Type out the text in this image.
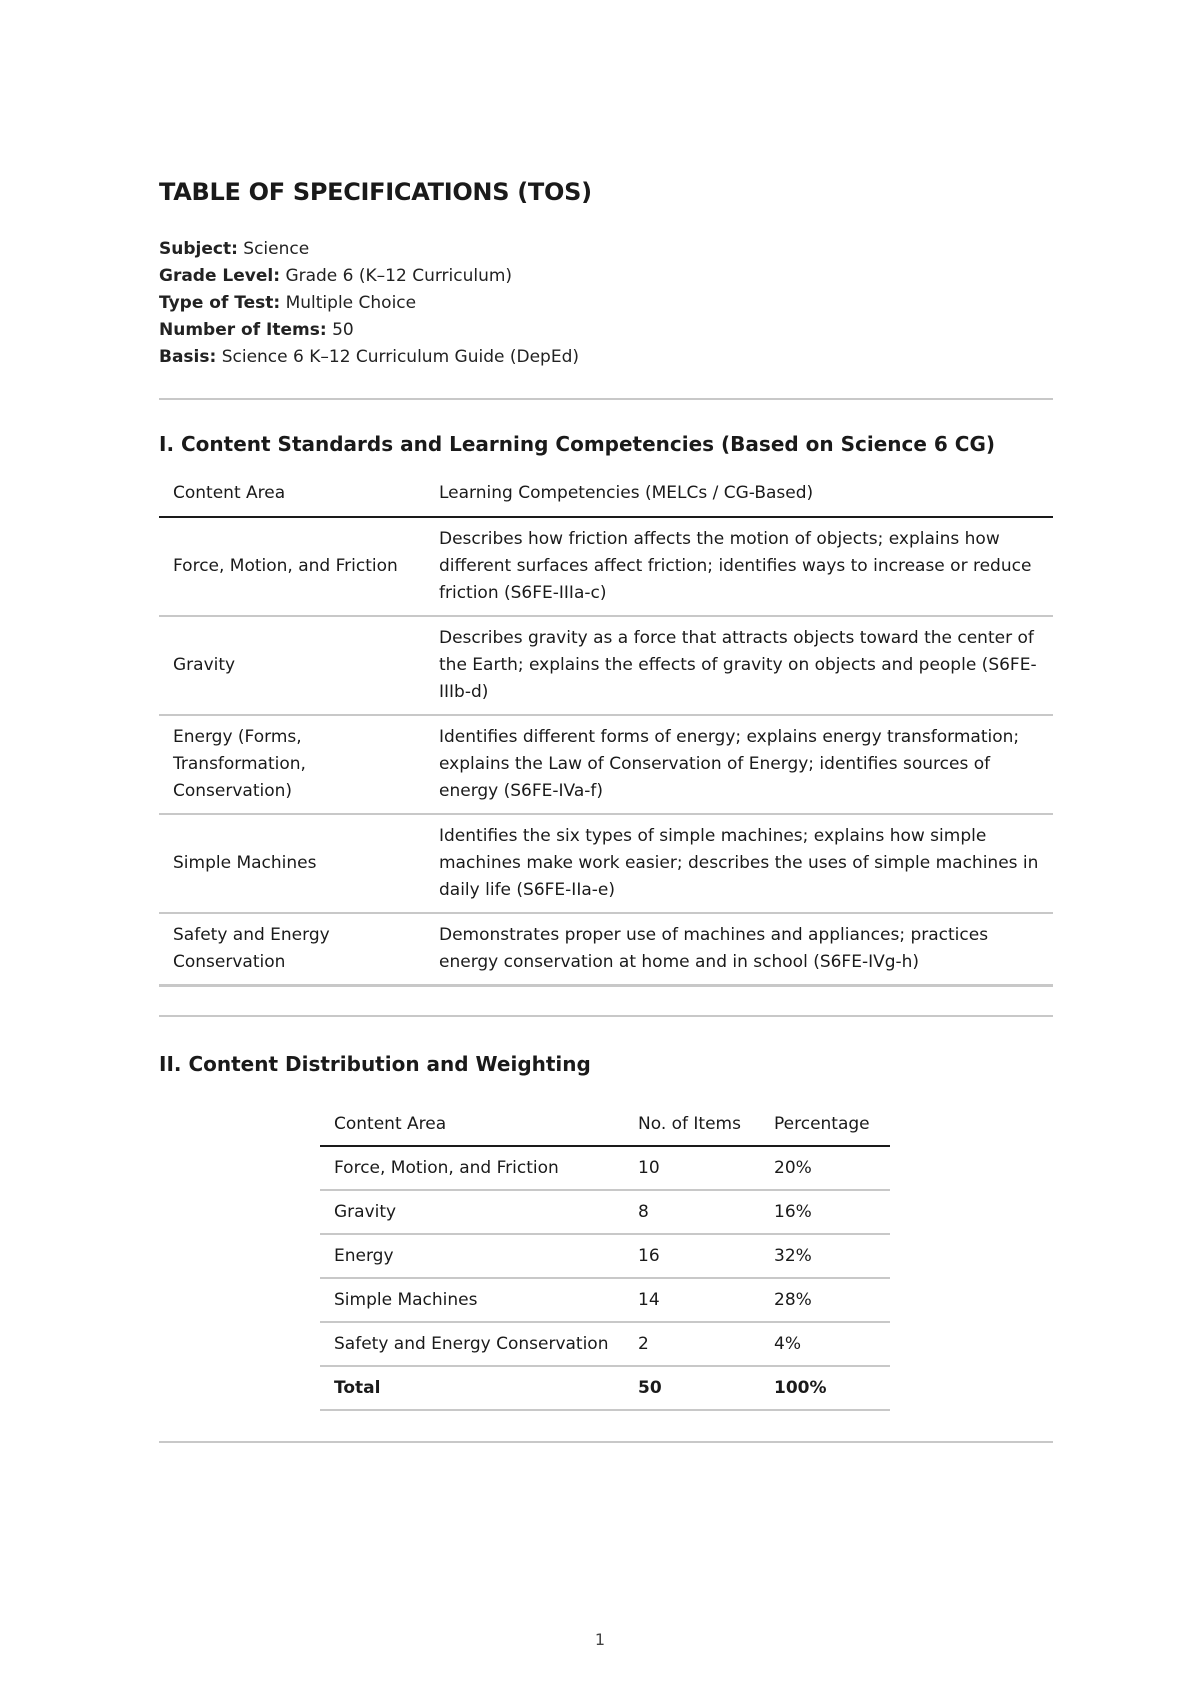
TABLE OF SPECIFICATIONS (TOS)
Subject: Science
Grade Level: Grade 6 (K–12 Curriculum)
Type of Test: Multiple Choice
Number of Items: 50
Basis: Science 6 K–12 Curriculum Guide (DepEd)
I. Content Standards and Learning Competencies (Based on Science 6 CG)
Content Area	Learning Competencies (MELCs / CG-Based)
Force, Motion, and Friction	Describes how friction affects the motion of objects; explains how different surfaces affect friction; identifies ways to increase or reduce friction (S6FE-IIIa-c)
Gravity	Describes gravity as a force that attracts objects toward the center of the Earth; explains the effects of gravity on objects and people (S6FE-IIIb-d)
Energy (Forms, Transformation, Conservation)	Identifies different forms of energy; explains energy transformation; explains the Law of Conservation of Energy; identifies sources of energy (S6FE-IVa-f)
Simple Machines	Identifies the six types of simple machines; explains how simple machines make work easier; describes the uses of simple machines in daily life (S6FE-IIa-e)
Safety and Energy Conservation	Demonstrates proper use of machines and appliances; practices energy conservation at home and in school (S6FE-IVg-h)
II. Content Distribution and Weighting
Content Area	No. of Items	Percentage
Force, Motion, and Friction	10	20%
Gravity	8	16%
Energy	16	32%
Simple Machines	14	28%
Safety and Energy Conservation	2	4%
Total	50	100%
1
